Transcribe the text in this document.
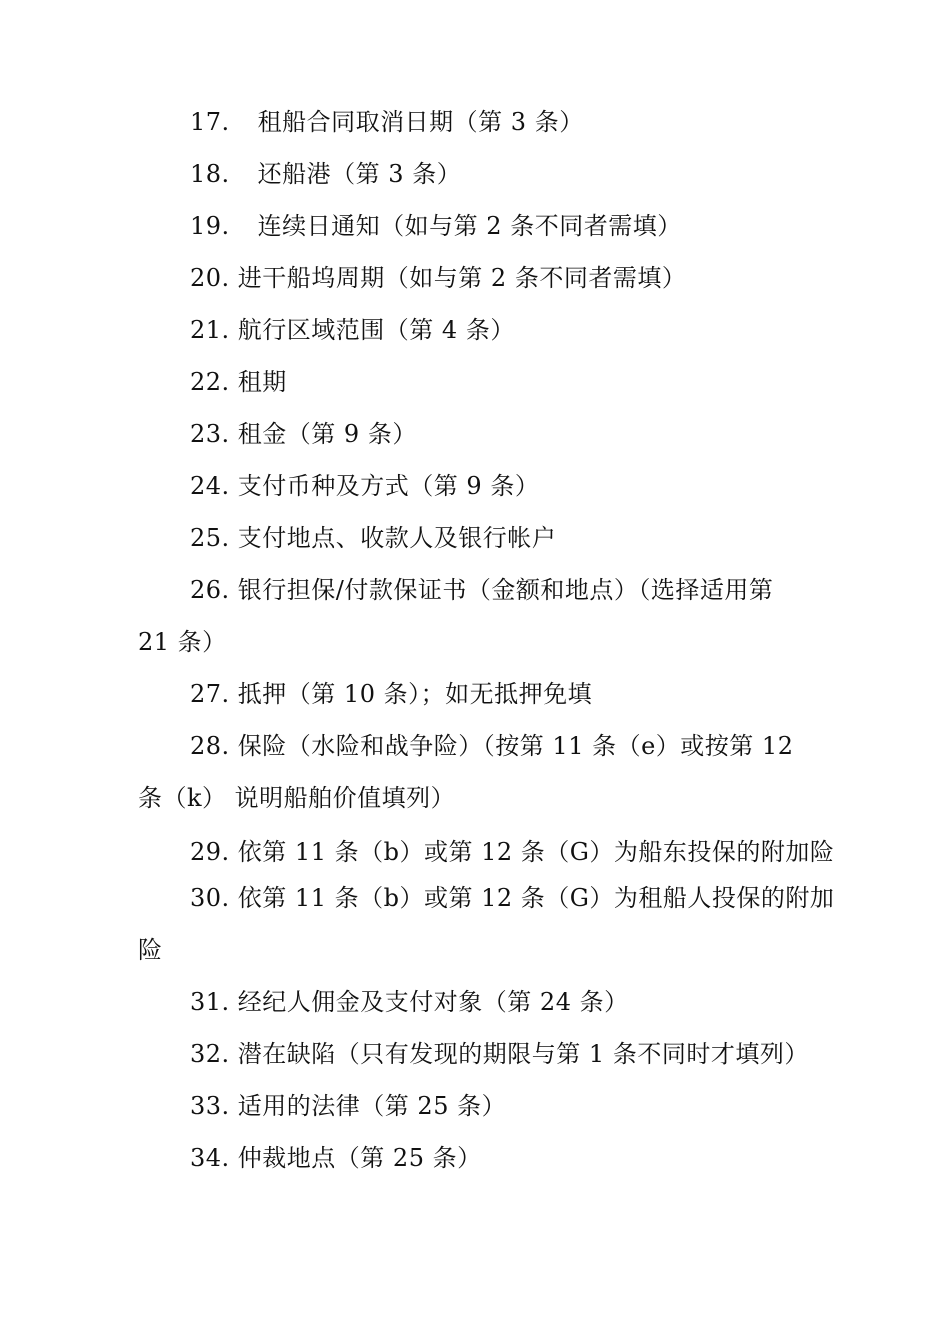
17. 租船合同取消日期（第 3 条）
18. 还船港（第 3 条）
19. 连续日通知（如与第 2 条不同者需填）
20. 进干船坞周期（如与第 2 条不同者需填）
21. 航行区域范围（第 4 条）
22. 租期
23. 租金（第 9 条）
24. 支付币种及方式（第 9 条）
25. 支付地点、收款人及银行帐户
26. 银行担保/付款保证书（金额和地点）（选择适用第
21 条）
27. 抵押（第 10 条）；如无抵押免填
28. 保险（水险和战争险）（按第 11 条（e）或按第 12
条（k） 说明船舶价值填列）
29. 依第 11 条（b）或第 12 条（G）为船东投保的附加险
30. 依第 11 条（b）或第 12 条（G）为租船人投保的附加
险
31. 经纪人佣金及支付对象（第 24 条）
32. 潜在缺陷（只有发现的期限与第 1 条不同时才填列）
33. 适用的法律（第 25 条）
34. 仲裁地点（第 25 条）
